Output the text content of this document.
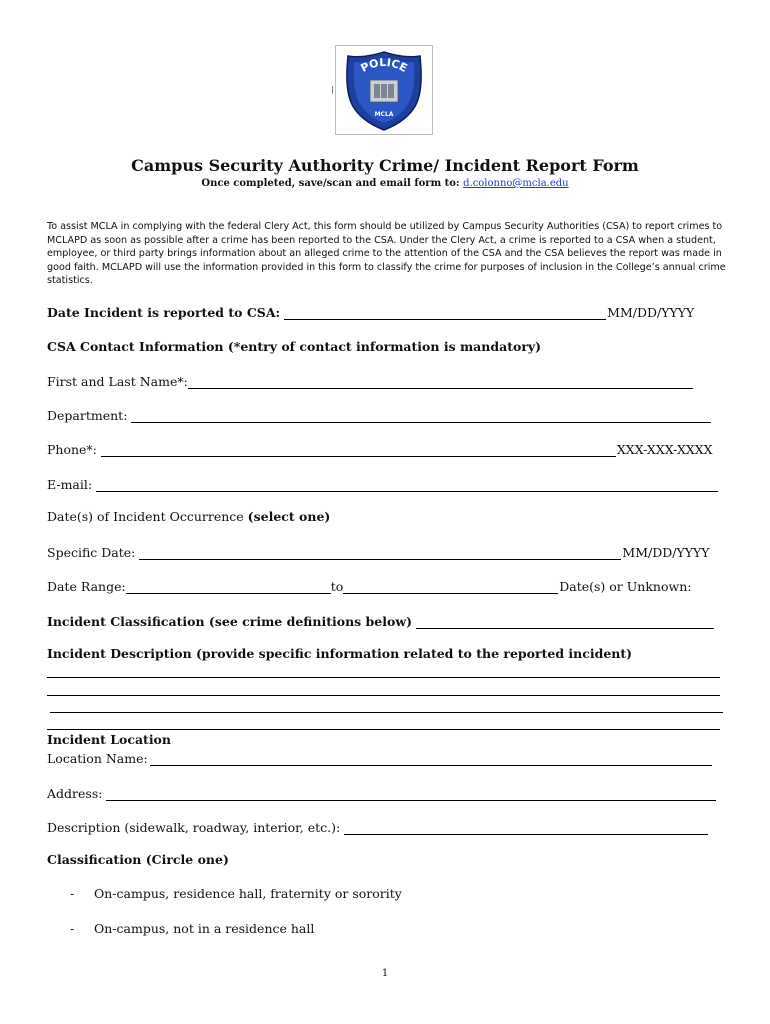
POLICE
MCLA
Campus Security Authority Crime/ Incident Report Form
Once completed, save/scan and email form to: d.colonno@mcla.edu

To assist MCLA in complying with the federal Clery Act, this form should be utilized by Campus Security Authorities (CSA) to report crimes to MCLAPD as soon as possible after a crime has been reported to the CSA. Under the Clery Act, a crime is reported to a CSA when a student, employee, or third party brings information about an alleged crime to the attention of the CSA and the CSA believes the report was made in good faith. MCLAPD will use the information provided in this form to classify the crime for purposes of inclusion in the College’s annual crime statistics.

Date Incident is reported to CSA:	MM/DD/YYYY
CSA Contact Information (*entry of contact information is mandatory)
First and Last Name*:
Department:
Phone*:	XXX-XXX-XXXX
E-mail:
Date(s) of Incident Occurrence (select one)
Specific Date:	MM/DD/YYYY
Date Range:	to	Date(s) or Unknown:
Incident Classification (see crime definitions below)
Incident Description (provide specific information related to the reported incident)
Incident Location
Location Name:
Address:
Description (sidewalk, roadway, interior, etc.):
Classification (Circle one)
- On-campus, residence hall, fraternity or sorority
- On-campus, not in a residence hall
1
